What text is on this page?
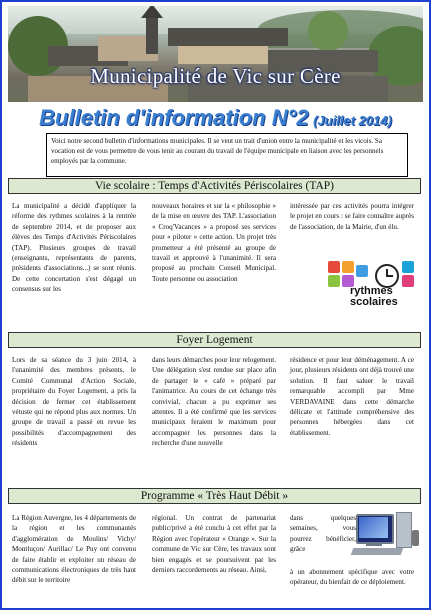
Municipalité de Vic sur Cère
Bulletin d'information N°2 (Juillet 2014)
Voici notre second bulletin d'informations municipales. Il se veut un trait d'union entre la municipalité et les vicois. Sa vocation est de vous permettre de vous tenir au courant du travail de l'équipe municipale en liaison avec les personnels employés par la commune.
Vie scolaire : Temps d'Activités Périscolaires (TAP)
La municipalité a décidé d'appliquer la réforme des rythmes scolaires à la rentrée de septembre 2014, et de proposer aux élèves des Temps d'Activités Périscolaires (TAP). Plusieurs groupes de travail (enseignants, représentants de parents, présidents d'associations...) se sont réunis. De cette concertation s'est dégagé un consensus sur les
nouveaux horaires et sur la « philosophie » de la mise en œuvre des TAP. L'association « Croq'Vacances » a proposé ses services pour « piloter » cette action. Un projet très prometteur a été présenté au groupe de travail et approuvé à l'unanimité. Il sera proposé au prochain Conseil Municipal. Toute personne ou association
intéressée par ces activités pourra intégrer le projet en cours : se faire connaître auprès de l'association, de la Mairie, d'un élu.
rythmes scolaires
Foyer Logement
Lors de sa séance du 3 juin 2014, à l'unanimité des membres présents, le Comité Communal d'Action Sociale, propriétaire du Foyer Logement, a pris la décision de fermer cet établissement vétuste qui ne répond plus aux normes. Un groupe de travail a passé en revue les possibilités d'accompagnement des résidents
dans leurs démarches pour leur relogement. Une délégation s'est rendue sur place afin de partager le « café » préparé par l'animatrice. Au cours de cet échange très convivial, chacun a pu exprimer ses attentes. Il a été confirmé que les services municipaux feraient le maximum pour accompagner les personnes dans la recherche d'une nouvelle
résidence et pour leur déménagement. A ce jour, plusieurs résidents ont déjà trouvé une solution. Il faut saluer le travail remarquable accompli par Mme VERDAVAINE dans cette démarche délicate et l'attitude compréhensive des personnes hébergées dans cet établissement.
Programme « Très Haut Débit »
La Région Auvergne, les 4 départements de la région et les communautés d'agglomération de Moulins/ Vichy/ Montluçon/ Aurillac/ Le Puy ont convenu de faire établir et exploiter un réseau de communications électroniques de très haut débit sur le territoire
régional. Un contrat de partenariat public/privé a été conclu à cet effet par la Région avec l'opérateur « Orange ». Sur la commune de Vic sur Cère, les travaux sont bien engagés et se poursuivent par les derniers raccordements au réseau. Ainsi,
dans quelques semaines, vous pourrez bénéficier, grâce
à un abonnement spécifique avec votre opérateur, du bienfait de ce déploiement.
